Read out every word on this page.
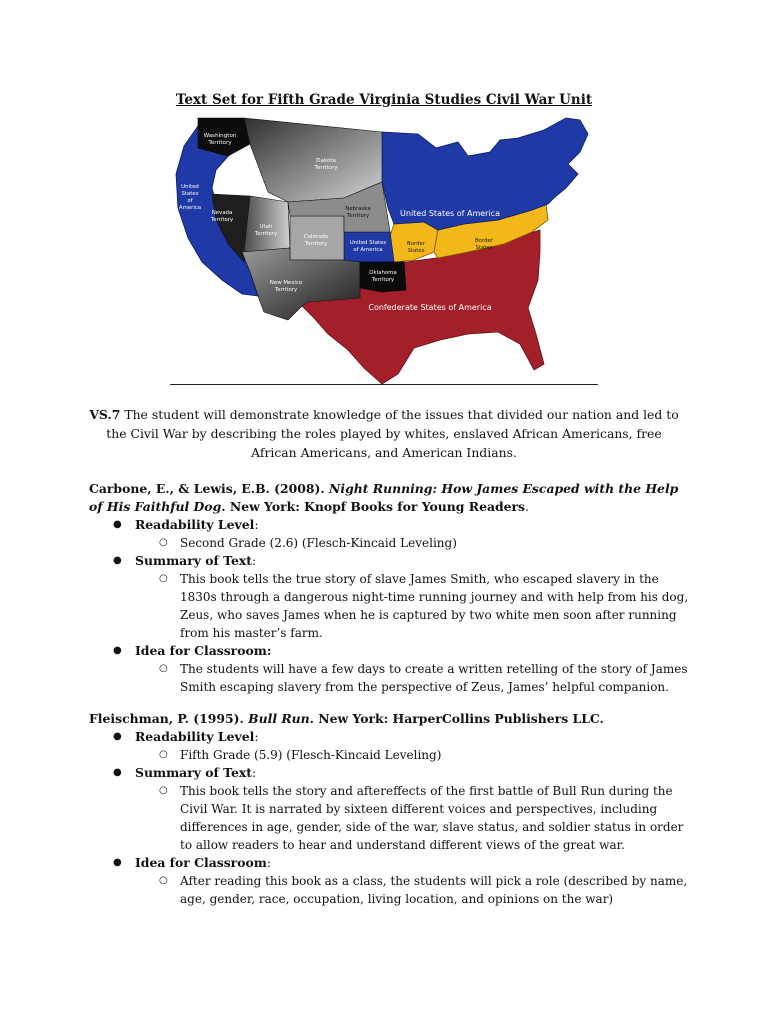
Text Set for Fifth Grade Virginia Studies Civil War Unit
Washington
Territory
United
States
of
America
Dakota
Territory
Nevada
Territory
Utah
Territory	Colorado
Territory
Nebraska
Territory
United States
of America
New Mexico
Territory
Oklahoma
Territory
United States of America
Border
States
Border
States
Confederate States of America
VS.7 The student will demonstrate knowledge of the issues that divided our nation and led to the Civil War by describing the roles played by whites, enslaved African Americans, free African Americans, and American Indians.

Carbone, E., & Lewis, E.B. (2008). Night Running: How James Escaped with the Help of His Faithful Dog. New York: Knopf Books for Young Readers.

● Readability Level:
○ Second Grade (2.6) (Flesch-Kincaid Leveling)
● Summary of Text:
○ This book tells the true story of slave James Smith, who escaped slavery in the 1830s through a dangerous night-time running journey and with help from his dog, Zeus, who saves James when he is captured by two white men soon after running from his master’s farm.
● Idea for Classroom:
○ The students will have a few days to create a written retelling of the story of James Smith escaping slavery from the perspective of Zeus, James’ helpful companion.

Fleischman, P. (1995). Bull Run. New York: HarperCollins Publishers LLC.

● Readability Level:
○ Fifth Grade (5.9) (Flesch-Kincaid Leveling)
● Summary of Text:
○ This book tells the story and aftereffects of the first battle of Bull Run during the Civil War. It is narrated by sixteen different voices and perspectives, including differences in age, gender, side of the war, slave status, and soldier status in order to allow readers to hear and understand different views of the great war.
● Idea for Classroom:
○ After reading this book as a class, the students will pick a role (described by name, age, gender, race, occupation, living location, and opinions on the war)
